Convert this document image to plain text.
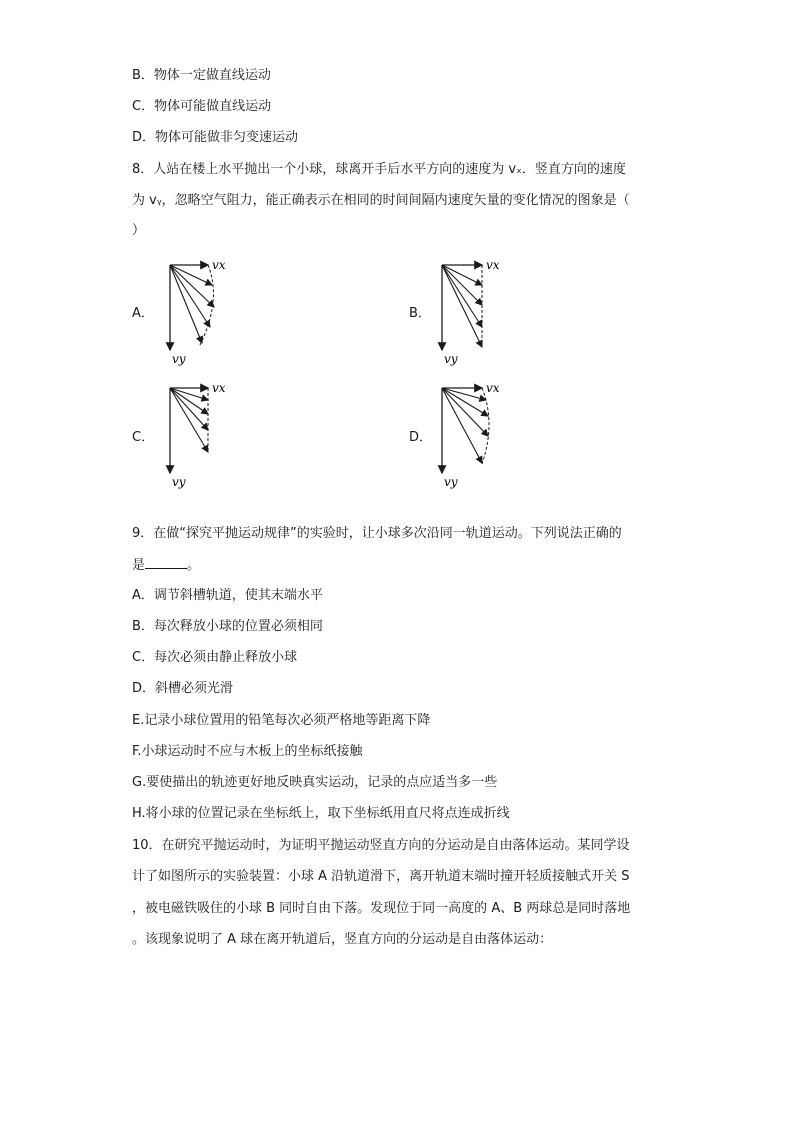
B．物体一定做直线运动
C．物体可能做直线运动
D．物体可能做非匀变速运动
8．人站在楼上水平抛出一个小球，球离开手后水平方向的速度为 vₓ．竖直方向的速度
为 vᵧ，忽略空气阻力，能正确表示在相同的时间间隔内速度矢量的变化情况的图象是（
）
A．
vx
vy
B．
vx
vy
C．
vx
vy
D．
vx
vy
9．在做“探究平抛运动规律”的实验时，让小球多次沿同一轨道运动。下列说法正确的
是	。
A．调节斜槽轨道，使其末端水平
B．每次释放小球的位置必须相同
C．每次必须由静止释放小球
D．斜槽必须光滑
E.记录小球位置用的铅笔每次必须严格地等距离下降
F.小球运动时不应与木板上的坐标纸接触
G.要使描出的轨迹更好地反映真实运动，记录的点应适当多一些
H.将小球的位置记录在坐标纸上，取下坐标纸用直尺将点连成折线
10．在研究平抛运动时，为证明平抛运动竖直方向的分运动是自由落体运动。某同学设
计了如图所示的实验装置：小球 A 沿轨道滑下，离开轨道末端时撞开轻质接触式开关 S
，被电磁铁吸住的小球 B 同时自由下落。发现位于同一高度的 A、B 两球总是同时落地
。该现象说明了 A 球在离开轨道后，竖直方向的分运动是自由落体运动：
